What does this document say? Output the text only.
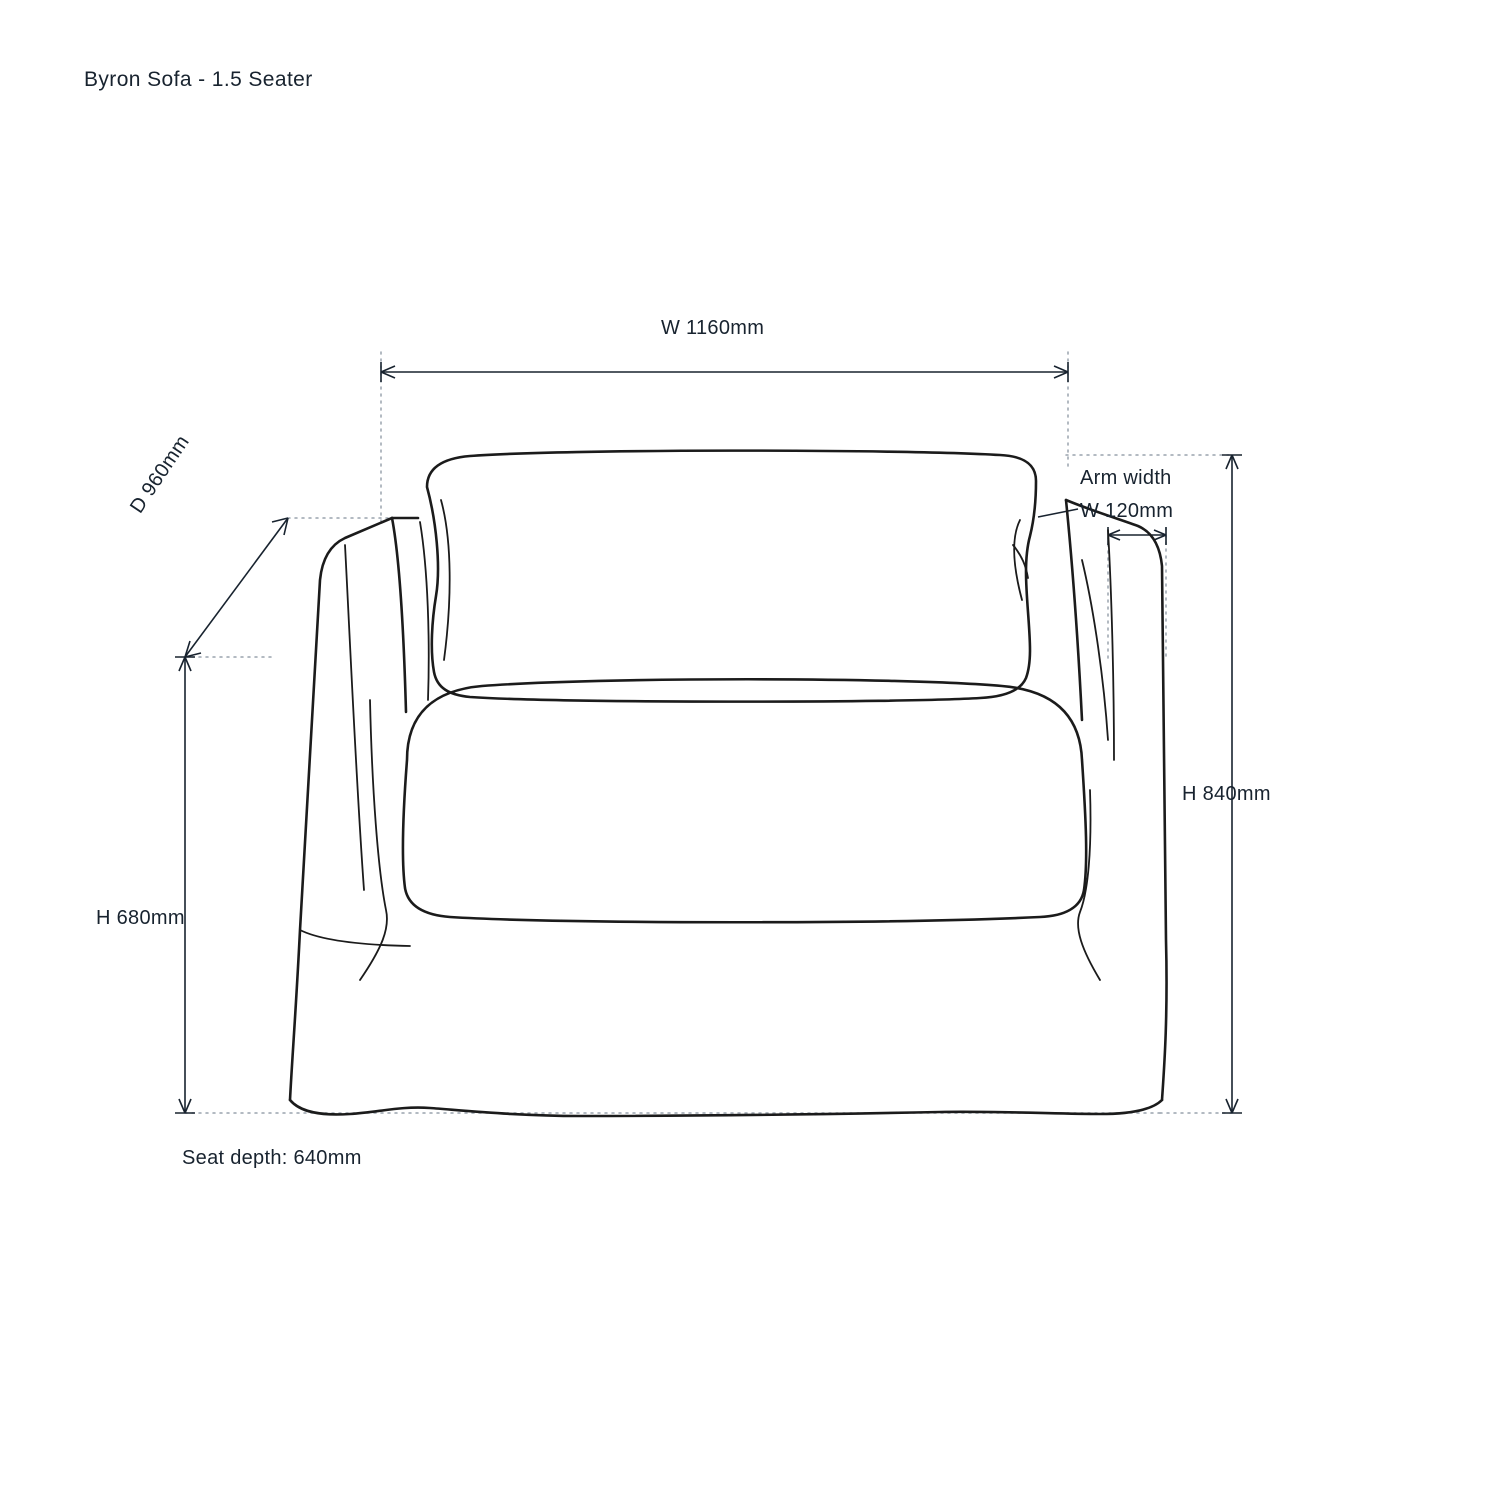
Byron Sofa - 1.5 Seater
W 1160mm
D 960mm	Arm width
W 120mm
H 840mm
H 680mm
Seat depth: 640mm
